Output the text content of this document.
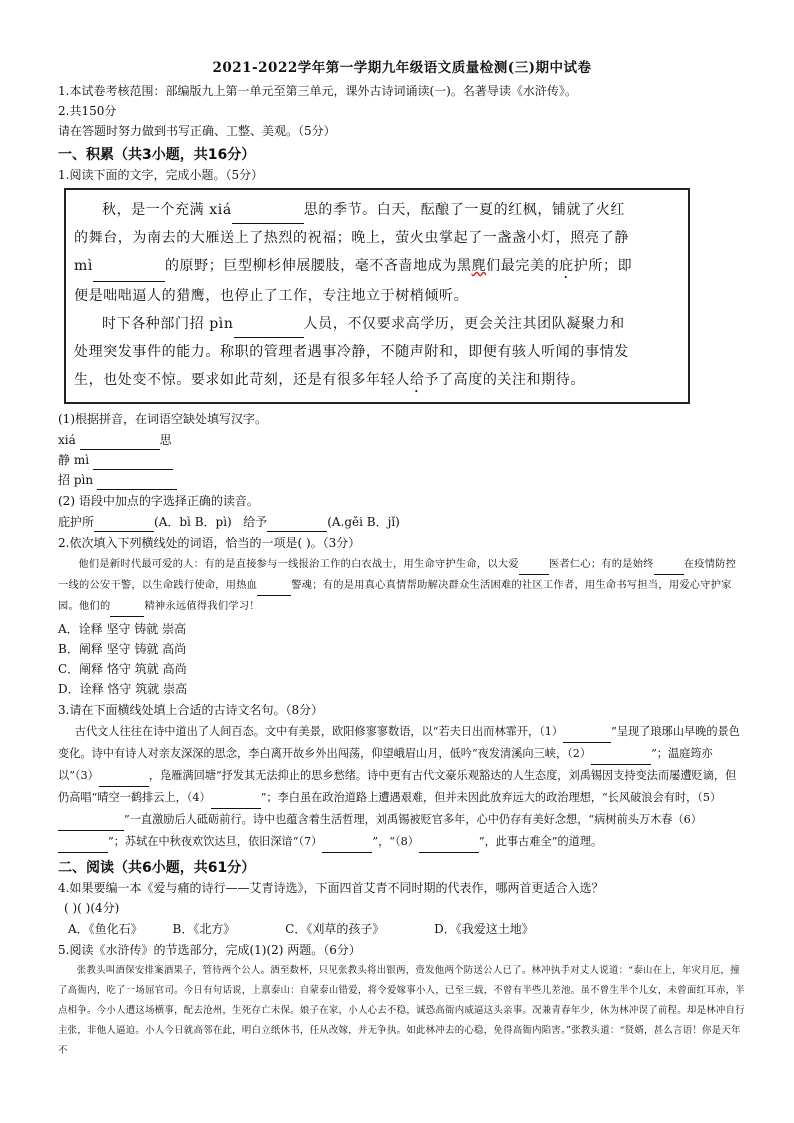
2021-2022学年第一学期九年级语文质量检测(三)期中试卷
1.本试卷考核范围：部编版九上第一单元至第三单元，课外古诗词诵读(一)。名著导读《水浒传》。
2.共150分
请在答题时努力做到书写正确、工整、美观。（5分）
一、积累（共3小题，共16分）
1.阅读下面的文字，完成小题。（5分）

秋，是一个充满 xiá	思的季节。白天，酝酿了一夏的红枫，铺就了火红

的舞台，为南去的大雁送上了热烈的祝福；晚上，萤火虫掌起了一盏盏小灯，照亮了静

mì	的原野；巨型柳杉伸展腰肢，毫不吝啬地成为黑麂们最完美的庇护所；即

便是咄咄逼人的猎鹰，也停止了工作，专注地立于树梢倾听。

时下各种部门招 pìn	人员，不仅要求高学历，更会关注其团队凝聚力和

处理突发事件的能力。称职的管理者遇事冷静，不随声附和，即便有骇人听闻的事情发

生，也处变不惊。要求如此苛刻，还是有很多年轻人给予了高度的关注和期待。

(1)根据拼音，在词语空缺处填写汉字。
xiá	思
静 mì
招 pìn
(2) 语段中加点的字选择正确的读音。
庇护所	(A．bì B．pì) 给予	(A.gěi B．jǐ)
2.依次填入下列横线处的词语，恰当的一项是( )。（3分）
他们是新时代最可爱的人：有的是直接参与一线报治工作的白衣战士，用生命守护生命，以大爱	医者仁心；有的是始终	在疫情防控一线的公安干警，以生命践行使命，用热血	警魂；有的是用真心真情帮助解决群众生活困难的社区工作者，用生命书写担当，用爱心守护家园。他们的	精神永远值得我们学习！
A．诠释 坚守 铸就 崇高
B．阐释 坚守 铸就 高尚
C．阐释 恪守 筑就 高尚
D．诠释 恪守 筑就 崇高
3.请在下面横线处填上合适的古诗文名句。（8分）
古代文人往往在诗中道出了人间百态。文中有美景，欧阳修寥寥数语，以“若夫日出而林霏开，（1）	”呈现了琅琊山早晚的景色变化。诗中有诗人对亲友深深的思念，李白离开故乡外出闯荡，仰望峨眉山月，低吟“夜发清溪向三峡，（2）	”；温庭筠亦以”（3）	，凫雁满回塘”抒发其无法抑止的思乡愁绪。诗中更有古代文豪乐观豁达的人生态度，刘禹锡因支持变法而屡遭贬谪，但仍高唱“晴空一鹤排云上，（4）	”；李白虽在政治道路上遭遇艰难，但并未因此放弃远大的政治理想，“长风破浪会有时，（5）”一直激励后人砥砺前行。诗中也蕴含着生活哲理，刘禹锡被贬官多年，心中仍存有美好念想，“病树前头万木春（6）”；苏轼在中秋夜欢饮达旦，依旧深谙“（7）	”，“（8）	”，此事古难全”的道理。
二、阅读（共6小题，共61分）
4.如果要编一本《爱与痛的诗行——艾青诗选》，下面四首艾青不同时期的代表作，哪两首更适合入选？
( )( )(4分)
A．《鱼化石》 B．《北方》	C．《刈草的孩子》	D．《我爱这土地》
5.阅读《水浒传》的节选部分，完成(1)(2) 两题。（6分）
张教头叫酒保安排案酒果子，管待两个公人。酒至数杯，只见张教头将出银两，赍发他两个防送公人已了。林冲执手对丈人说道：“泰山在上，年灾月厄，撞了高衙内，吃了一场屈官司。今日有句话说，上禀泰山：自蒙泰山错爱，将令爱嫁事小人，已至三载，不曾有半些儿差池。虽不曾生半个儿女，未曾面红耳赤，半点相争。今小人遭这场横事，配去沧州，生死存亡未保。娘子在家，小人心去不稳，诚恐高衙内威逼这头亲事。况兼青春年少，休为林冲误了前程。却是林冲自行主张，非他人逼迫。小人今日就高邻在此，明白立纸休书，任从改嫁，并无争执。如此林冲去的心稳，免得高衙内陷害。”张教头道：“贤婿，甚么言语！你是天年不
